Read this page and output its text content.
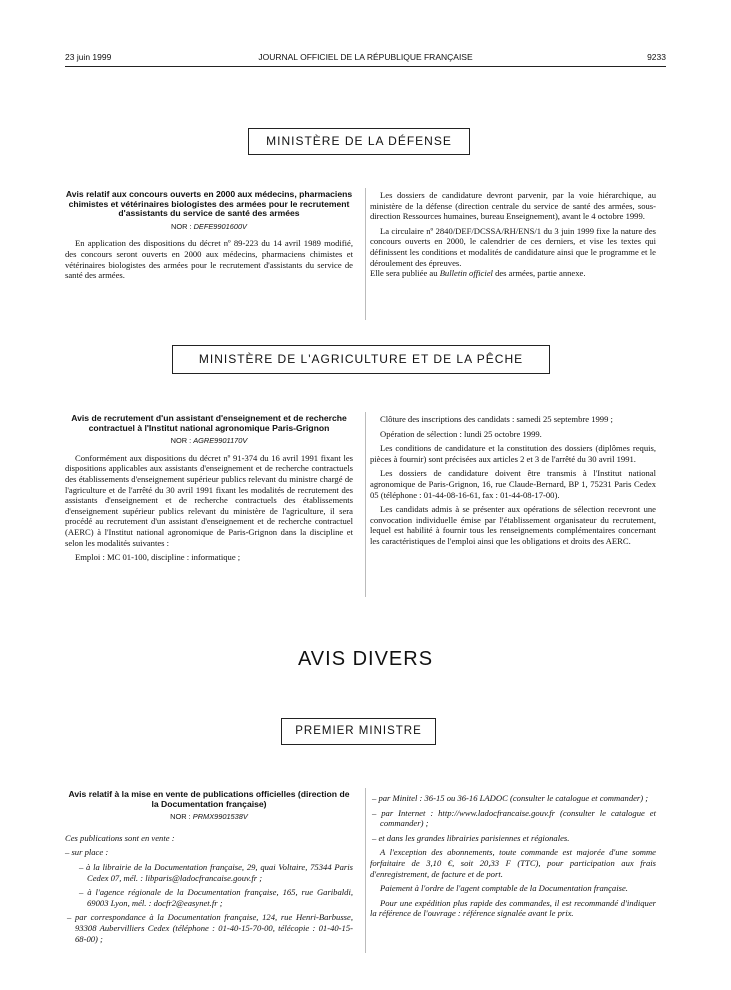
23 juin 1999	JOURNAL OFFICIEL DE LA RÉPUBLIQUE FRANÇAISE	9233
MINISTÈRE DE LA DÉFENSE
Avis relatif aux concours ouverts en 2000 aux médecins, pharmaciens chimistes et vétérinaires biologistes des armées pour le recrutement d'assistants du service de santé des armées
NOR : DEFE9901600V

En application des dispositions du décret nº 89-223 du 14 avril 1989 modifié, des concours seront ouverts en 2000 aux médecins, pharmaciens chimistes et vétérinaires biologistes des armées pour le recrutement d'assistants du service de santé des armées.

Les dossiers de candidature devront parvenir, par la voie hiérarchique, au ministère de la défense (direction centrale du service de santé des armées, sous-direction Ressources humaines, bureau Enseignement), avant le 4 octobre 1999.

La circulaire nº 2840/DEF/DCSSA/RH/ENS/1 du 3 juin 1999 fixe la nature des concours ouverts en 2000, le calendrier de ces derniers, et vise les textes qui définissent les conditions et modalités de candidature ainsi que le programme et le déroulement des épreuves.

Elle sera publiée au Bulletin officiel des armées, partie annexe.

MINISTÈRE DE L'AGRICULTURE ET DE LA PÊCHE
Avis de recrutement d'un assistant d'enseignement et de recherche contractuel à l'Institut national agronomique Paris-Grignon
NOR : AGRE9901170V

Conformément aux dispositions du décret nº 91-374 du 16 avril 1991 fixant les dispositions applicables aux assistants d'enseignement et de recherche contractuels des établissements d'enseignement supérieur publics relevant du ministre chargé de l'agriculture et de l'arrêté du 30 avril 1991 fixant les modalités de recrutement des assistants d'enseignement et de recherche contractuels des établissements d'enseignement supérieur publics relevant du ministère de l'agriculture, il sera procédé au recrutement d'un assistant d'enseignement et de recherche contractuel (AERC) à l'Institut national agronomique de Paris-Grignon dans la discipline et selon les modalités suivantes :

Emploi : MC 01-100, discipline : informatique ;

Clôture des inscriptions des candidats : samedi 25 septembre 1999 ;

Opération de sélection : lundi 25 octobre 1999.

Les conditions de candidature et la constitution des dossiers (diplômes requis, pièces à fournir) sont précisées aux articles 2 et 3 de l'arrêté du 30 avril 1991.

Les dossiers de candidature doivent être transmis à l'Institut national agronomique de Paris-Grignon, 16, rue Claude-Bernard, BP 1, 75231 Paris Cedex 05 (téléphone : 01-44-08-16-61, fax : 01-44-08-17-00).

Les candidats admis à se présenter aux opérations de sélection recevront une convocation individuelle émise par l'établissement organisateur du recrutement, lequel est habilité à fournir tous les renseignements complémentaires concernant les caractéristiques de l'emploi ainsi que les obligations et droits des AERC.

AVIS DIVERS
PREMIER MINISTRE
Avis relatif à la mise en vente de publications officielles (direction de la Documentation française)
NOR : PRMX9901538V

Ces publications sont en vente :

– sur place :

– à la librairie de la Documentation française, 29, quai Voltaire, 75344 Paris Cedex 07, mél. : libparis@ladocfrancaise.gouv.fr ;

– à l'agence régionale de la Documentation française, 165, rue Garibaldi, 69003 Lyon, mél. : docfr2@easynet.fr ;

– par correspondance à la Documentation française, 124, rue Henri-Barbusse, 93308 Aubervilliers Cedex (téléphone : 01-40-15-70-00, télécopie : 01-40-15-68-00) ;

– par Minitel : 36-15 ou 36-16 LADOC (consulter le catalogue et commander) ;

– par Internet : http://www.ladocfrancaise.gouv.fr (consulter le catalogue et commander) ;

– et dans les grandes librairies parisiennes et régionales.

A l'exception des abonnements, toute commande est majorée d'une somme forfaitaire de 3,10 €, soit 20,33 F (TTC), pour participation aux frais d'enregistrement, de facture et de port.

Paiement à l'ordre de l'agent comptable de la Documentation française.

Pour une expédition plus rapide des commandes, il est recommandé d'indiquer la référence de l'ouvrage : référence signalée avant le prix.
